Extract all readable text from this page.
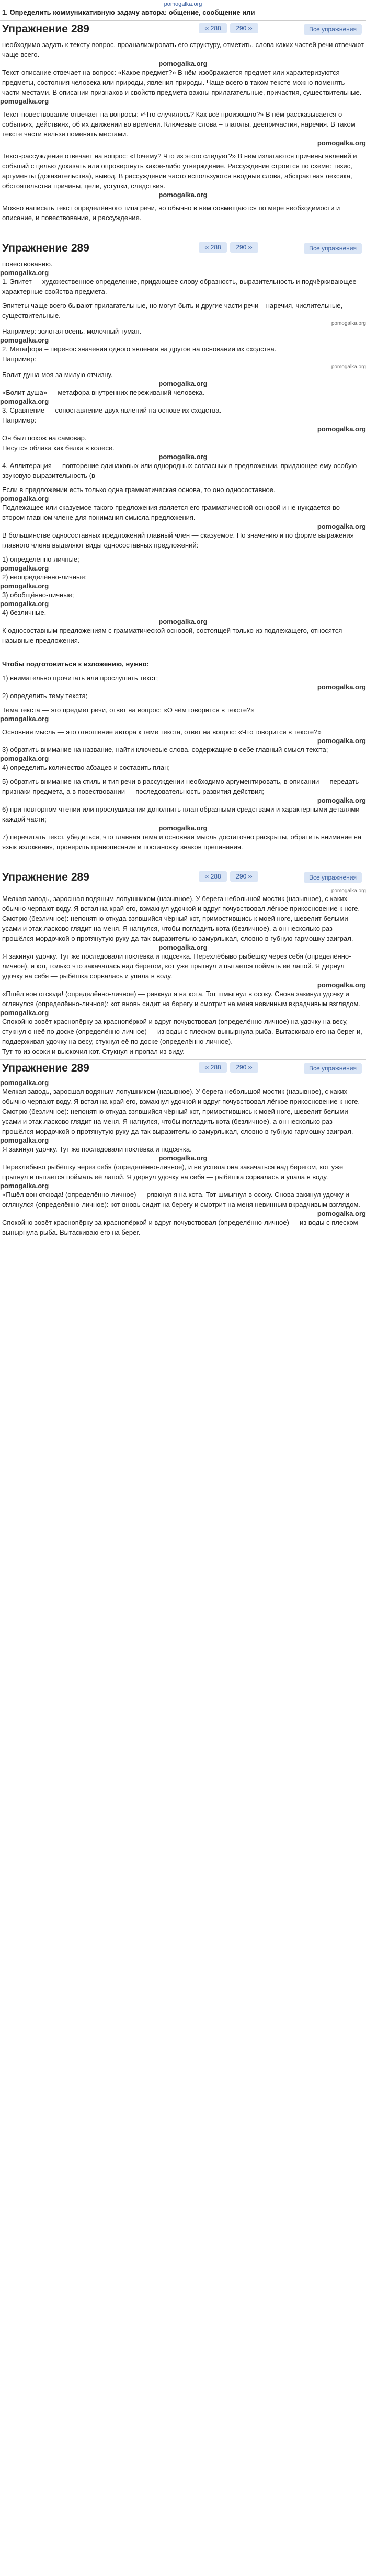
pomogalka.org

1. Определить коммуникативную задачу автора: общение, сообщение или

Упражнение 289	‹‹ 288	290 ››	Все упражнения

необходимо задать к тексту вопрос, проанализировать его структуру, отметить, слова каких частей речи отвечают чаще всего.

pomogalka.org

Текст-описание отвечает на вопрос: «Какое предмет?» В нём изображается предмет или характеризуются предметы, состояния человека или природы, явления природы. Чаще всего в таком тексте можно поменять части местами. В описании признаков и свойств предмета важны прилагательные, причастия, существительные.

pomogalka.org

Текст-повествование отвечает на вопросы: «Что случилось? Как всё произошло?» В нём рассказывается о событиях, действиях, об их движении во времени. Ключевые слова – глаголы, деепричастия, наречия. В таком тексте части нельзя поменять местами.

pomogalka.org

Текст-рассуждение отвечает на вопрос: «Почему? Что из этого следует?» В нём излагаются причины явлений и событий с целью доказать или опровергнуть какое-либо утверждение. Рассуждение строится по схеме: тезис, аргументы (доказательства), вывод. В рассуждении часто используются вводные слова, абстрактная лексика, обстоятельства причины, цели, уступки, следствия.

pomogalka.org

Можно написать текст определённого типа речи, но обычно в нём совмещаются по мере необходимости и описание, и повествование, и рассуждение.

Упражнение 289	‹‹ 288	290 ››	Все упражнения

повествованию.

pomogalka.org

1. Эпитет — художественное определение, придающее слову образность, выразительность и подчёркивающее характерные свойства предмета.

Эпитеты чаще всего бывают прилагательные, но могут быть и другие части речи – наречия, числительные, существительные.

pomogalka.org

Например: золотая осень, молочный туман.

pomogalka.org

2. Метафора – перенос значения одного явления на другое на основании их сходства.

Например:

pomogalka.org

Болит душа моя за милую отчизну.

pomogalka.org

«Болит душа» — метафора внутренних переживаний человека.

pomogalka.org

3. Сравнение — сопоставление двух явлений на основе их сходства.

Например:

pomogalka.org

Он был похож на самовар.

Несутся облака как белка в колесе.

pomogalka.org

4. Аллитерация — повторение одинаковых или однородных согласных в предложении, придающее ему особую звуковую выразительность (в

Если в предложении есть только одна грамматическая основа, то оно односоставное.

pomogalka.org

Подлежащее или сказуемое такого предложения является его грамматической основой и не нуждается во втором главном члене для понимания смысла предложения.

pomogalka.org

В большинстве односоставных предложений главный член — сказуемое. По значению и по форме выражения главного члена выделяют виды односоставных предложений:

1) определённо-личные;

pomogalka.org

2) неопределённо-личные;

pomogalka.org

3) обобщённо-личные;

pomogalka.org

4) безличные.

pomogalka.org

К односоставным предложениям с грамматической основой, состоящей только из подлежащего, относятся назывные предложения.

Чтобы подготовиться к изложению, нужно:

1) внимательно прочитать или прослушать текст;

pomogalka.org

2) определить тему текста;

Тема текста — это предмет речи, ответ на вопрос: «О чём говорится в тексте?»

pomogalka.org

Основная мысль — это отношение автора к теме текста, ответ на вопрос: «Что говорится в тексте?»

pomogalka.org

3) обратить внимание на название, найти ключевые слова, содержащие в себе главный смысл текста;

pomogalka.org

4) определить количество абзацев и составить план;

5) обратить внимание на стиль и тип речи в рассуждении необходимо аргументировать, в описании — передать признаки предмета, а в повествовании — последовательность развития действия;

pomogalka.org

6) при повторном чтении или прослушивании дополнить план образными средствами и характерными деталями каждой части;

pomogalka.org

7) перечитать текст, убедиться, что главная тема и основная мысль достаточно раскрыты, обратить внимание на язык изложения, проверить правописание и постановку знаков препинания.

Упражнение 289	‹‹ 288	290 ››	Все упражнения
pomogalka.org

Мелкая заводь, заросшая водяным лопушником (назывное). У берега небольшой мостик (назывное), с каких обычно черпают воду. Я встал на край его, взмахнул удочкой и вдруг почувствовал лёгкое прикосновение к ноге. Смотрю (безличное): непонятно откуда взявшийся чёрный кот, примостившись к моей ноге, шевелит белыми усами и этак ласково глядит на меня. Я нагнулся, чтобы погладить кота (безличное), а он несколько раз прошёлся мордочкой о протянутую руку да так выразительно замурлыкал, словно в губную гармошку заиграл.

pomogalka.org

Я закинул удочку. Тут же последовали поклёвка и подсечка. Перехлёбыво рыбёшку через себя (определённо-личное), и кот, только что закачалась над берегом, кот уже прыгнул и пытается поймать её лапой. Я дёрнул удочку на себя — рыбёшка сорвалась и упала в воду.

pomogalka.org

«Пшёл вон отсюда! (определённо-личное) — рявкнул я на кота. Тот шмыгнул в осоку. Снова закинул удочку и оглянулся (определённо-личное): кот вновь сидит на берегу и смотрит на меня невинным вкрадчивым взглядом.

pomogalka.org

Спокойно зовёт краснопёрку за краснопёркой и вдруг почувствовал (определённо-личное) на удочку на весу, стукнул о неё по доске (определённо-личное) — из воды с плеском вынырнула рыба. Вытаскиваю его на берег и, поддерживая удочку на весу, стукнул её по доске (определённо-личное).

Тут-то из осоки и выскочил кот. Стукнул и пропал из виду.

Упражнение 289	‹‹ 288	290 ››	Все упражнения
pomogalka.org

Мелкая заводь, заросшая водяным лопушником (назывное). У берега небольшой мостик (назывное), с каких обычно черпают воду. Я встал на край его, взмахнул удочкой и вдруг почувствовал лёгкое прикосновение к ноге. Смотрю (безличное): непонятно откуда взявшийся чёрный кот, примостившись к моей ноге, шевелит белыми усами и этак ласково глядит на меня. Я нагнулся, чтобы погладить кота (безличное), а он несколько раз прошёлся мордочкой о протянутую руку да так выразительно замурлыкал, словно в губную гармошку заиграл.

pomogalka.org

Я закинул удочку. Тут же последовали поклёвка и подсечка.

pomogalka.org

Перехлёбыво рыбёшку через себя (определённо-личное), и не успела она закачаться над берегом, кот уже прыгнул и пытается поймать её лапой. Я дёрнул удочку на себя — рыбёшка сорвалась и упала в воду.

pomogalka.org

«Пшёл вон отсюда! (определённо-личное) — рявкнул я на кота. Тот шмыгнул в осоку. Снова закинул удочку и оглянулся (определённо-личное): кот вновь сидит на берегу и смотрит на меня невинным вкрадчивым взглядом.

pomogalka.org

Спокойно зовёт краснопёрку за краснопёркой и вдруг почувствовал (определённо-личное) — из воды с плеском вынырнула рыба. Вытаскиваю его на берег.
